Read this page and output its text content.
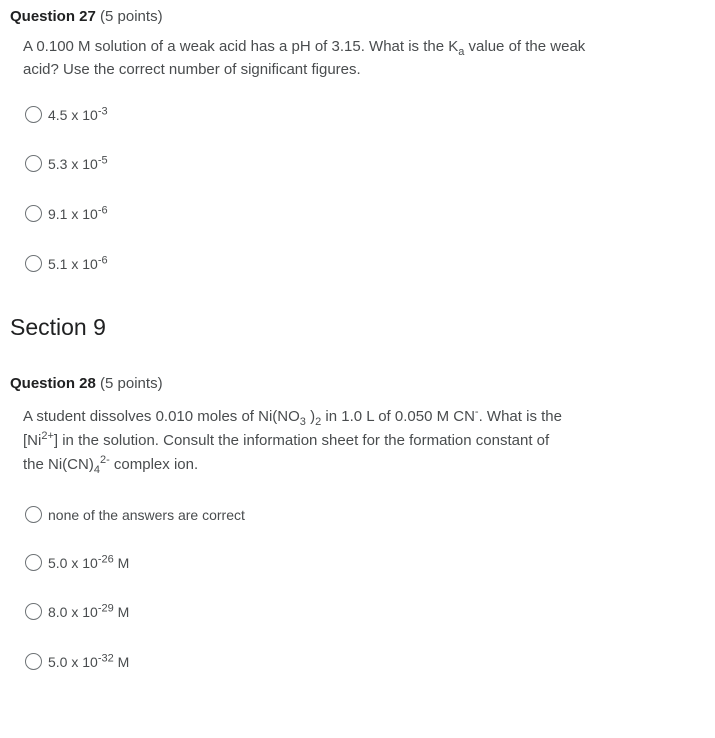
Question 27 (5 points)
A 0.100 M solution of a weak acid has a pH of 3.15. What is the $K_a$ value of the weak
acid? Use the correct number of significant figures.
4.5 x $10^{-3}$
5.3 x $10^{-5}$
9.1 x $10^{-6}$
5.1 x $10^{-6}$
Section 9
Question 28 (5 points)
A student dissolves 0.010 moles of $Ni(NO_3$ )$_2$ in 1.0 L of 0.050 M CN-. What is the
$[Ni^{2+}]$ in the solution. Consult the information sheet for the formation constant of
the $Ni(CN)_4^{2-}$ complex ion.
none of the answers are correct
5.0 x $10^{-26}$ M
8.0 x $10^{-29}$ M
5.0 x $10^{-32}$ M
